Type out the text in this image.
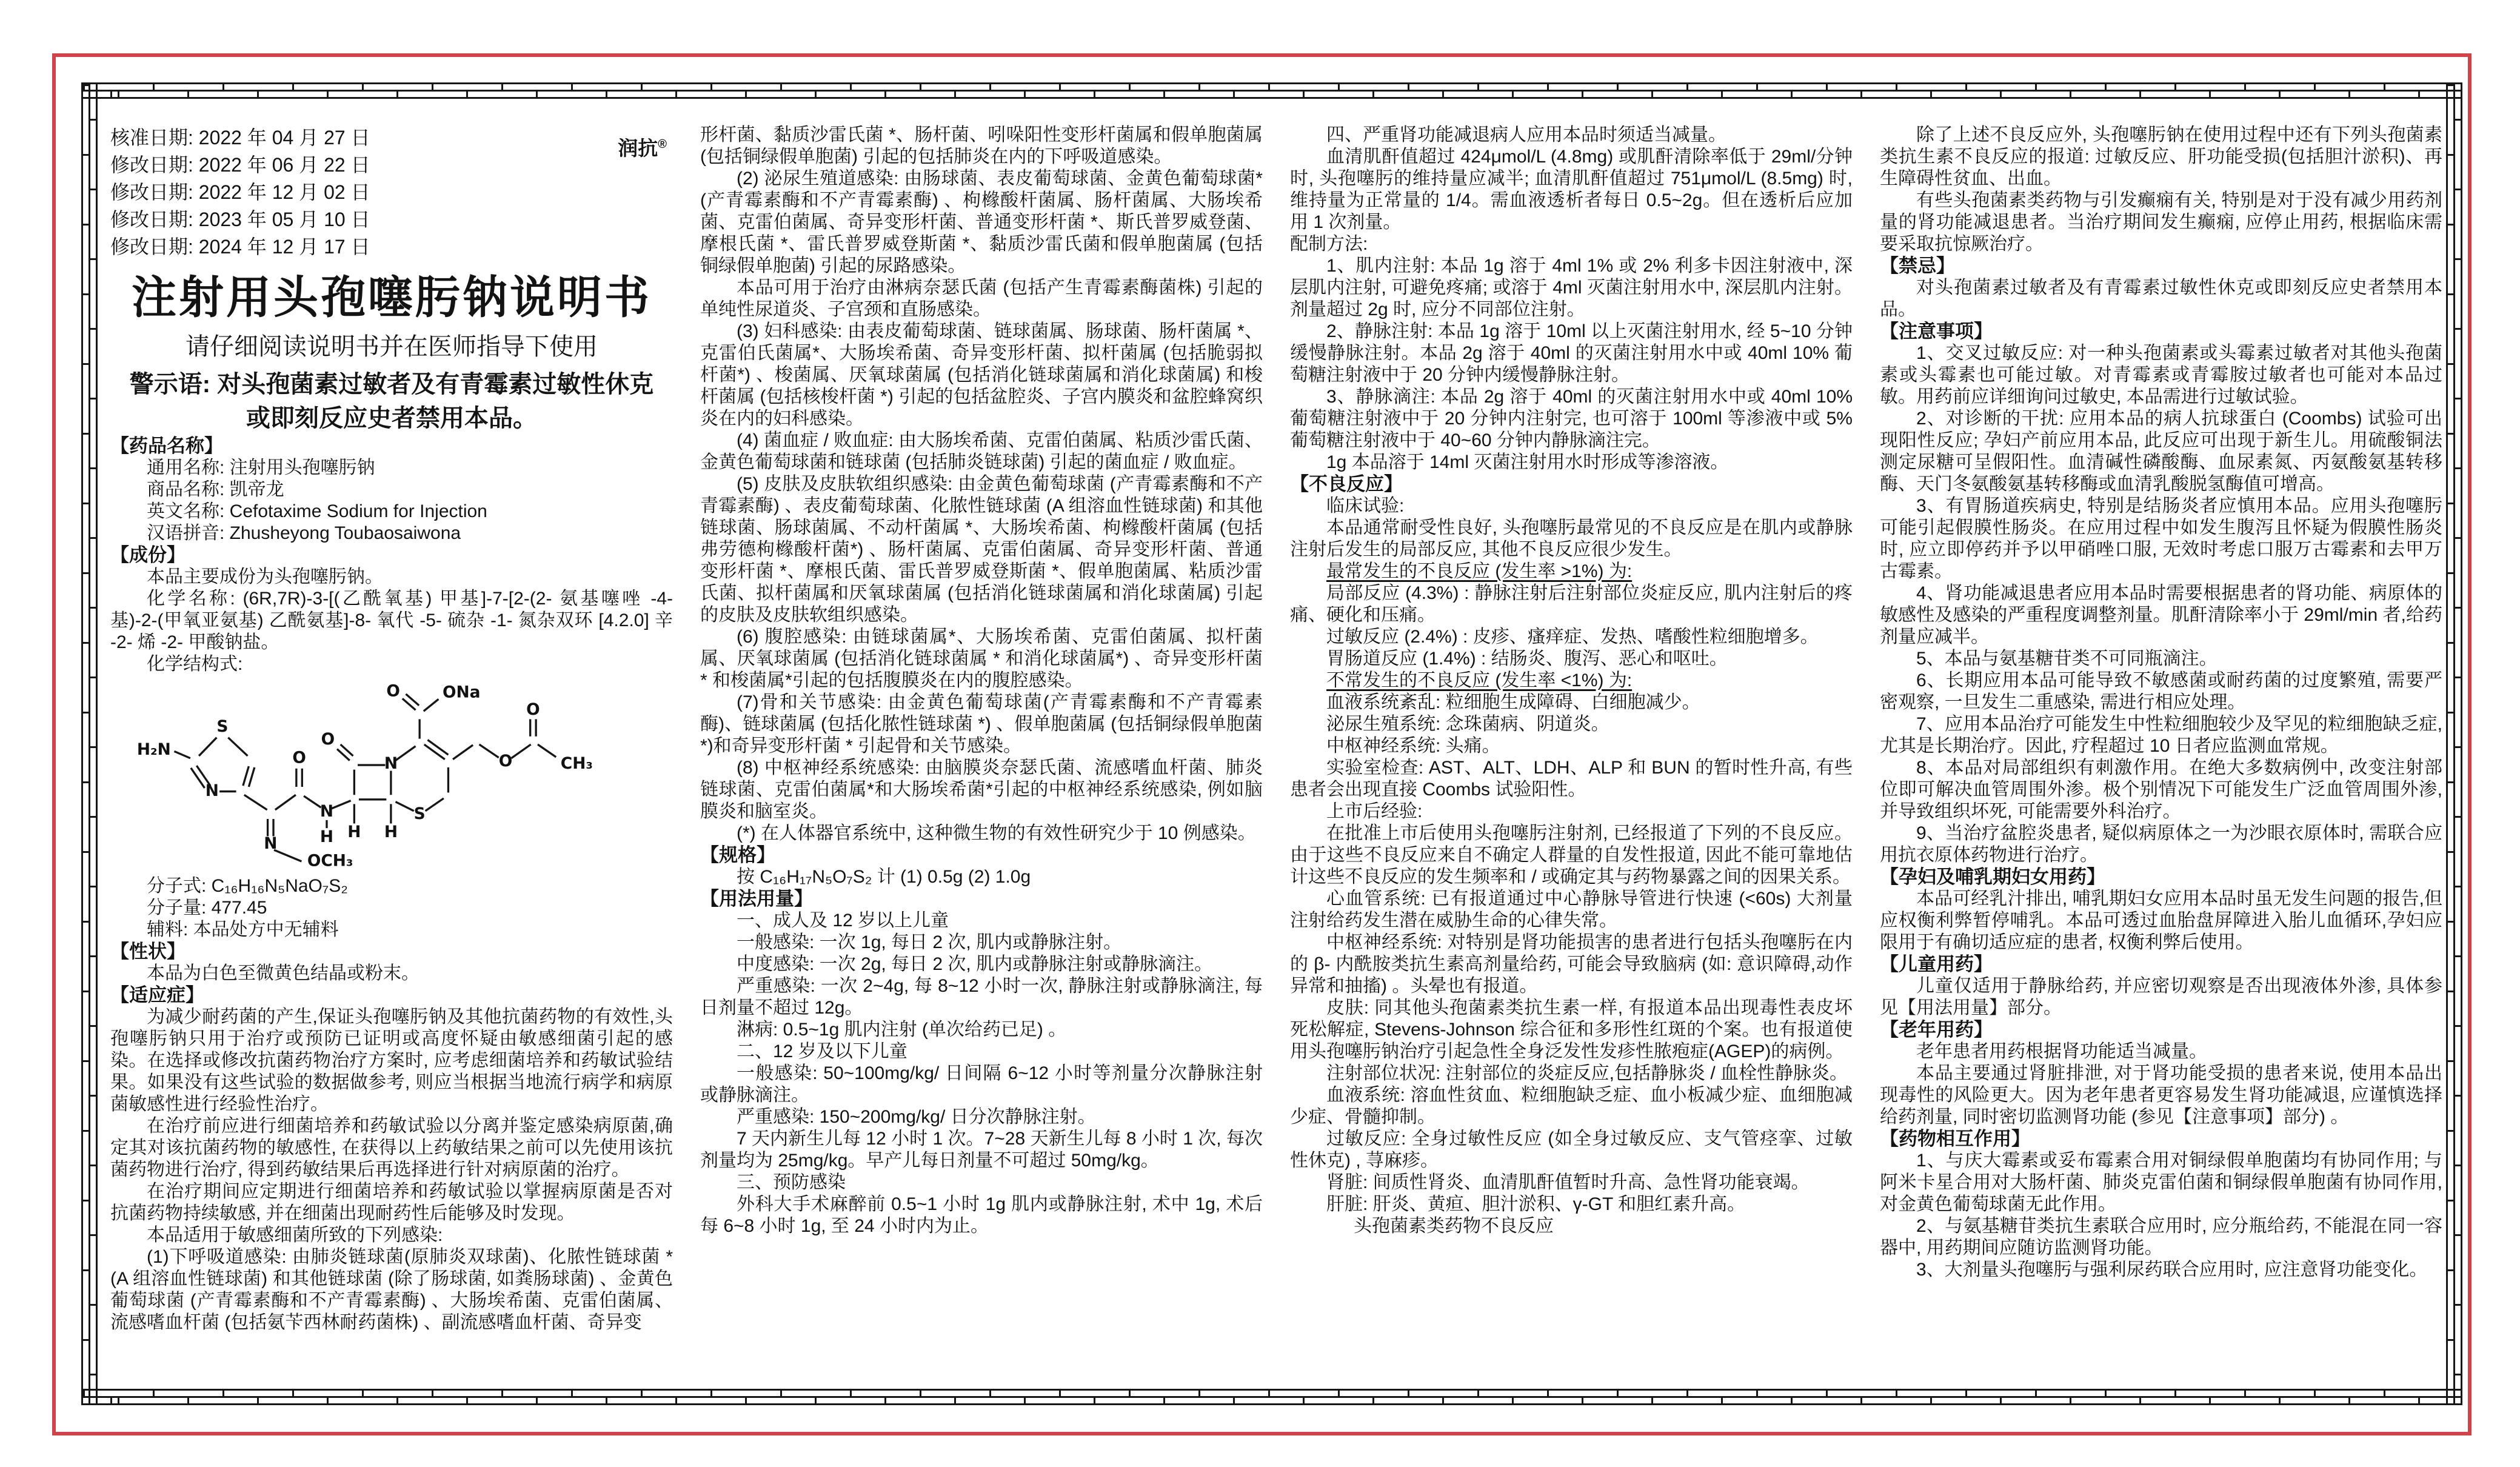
润抗®
核准日期: 2022 年 04 月 27 日
修改日期: 2022 年 06 月 22 日
修改日期: 2022 年 12 月 02 日
修改日期: 2023 年 05 月 10 日
修改日期: 2024 年 12 月 17 日
注射用头孢噻肟钠说明书
请仔细阅读说明书并在医师指导下使用
警示语: 对头孢菌素过敏者及有青霉素过敏性休克
或即刻反应史者禁用本品。

【药品名称】

通用名称: 注射用头孢噻肟钠

商品名称: 凯帝龙

英文名称: Cefotaxime Sodium for Injection

汉语拼音: Zhusheyong Toubaosaiwona

【成份】

本品主要成份为头孢噻肟钠。

化学名称: (6R,7R)-3-[(乙酰氧基) 甲基]-7-[2-(2- 氨基噻唑 -4- 基)-2-(甲氧亚氨基) 乙酰氨基]-8- 氧代 -5- 硫杂 -1- 氮杂双环 [4.2.0] 辛 -2- 烯 -2- 甲酸钠盐。

化学结构式:

H₂N
S
N
N
OCH₃
O
N
H
O
H H
N
S
O	ONa
O
O	CH₃

分子式: C₁₆H₁₆N₅NaO₇S₂

分子量: 477.45

辅料: 本品处方中无辅料

【性状】

本品为白色至微黄色结晶或粉末。

【适应症】

为减少耐药菌的产生,保证头孢噻肟钠及其他抗菌药物的有效性,头孢噻肟钠只用于治疗或预防已证明或高度怀疑由敏感细菌引起的感染。在选择或修改抗菌药物治疗方案时, 应考虑细菌培养和药敏试验结果。如果没有这些试验的数据做参考, 则应当根据当地流行病学和病原菌敏感性进行经验性治疗。

在治疗前应进行细菌培养和药敏试验以分离并鉴定感染病原菌,确定其对该抗菌药物的敏感性, 在获得以上药敏结果之前可以先使用该抗菌药物进行治疗, 得到药敏结果后再选择进行针对病原菌的治疗。

在治疗期间应定期进行细菌培养和药敏试验以掌握病原菌是否对抗菌药物持续敏感, 并在细菌出现耐药性后能够及时发现。

本品适用于敏感细菌所致的下列感染:

(1)下呼吸道感染: 由肺炎链球菌(原肺炎双球菌)、化脓性链球菌 *(A 组溶血性链球菌) 和其他链球菌 (除了肠球菌, 如粪肠球菌) 、金黄色葡萄球菌 (产青霉素酶和不产青霉素酶) 、大肠埃希菌、克雷伯菌属、流感嗜血杆菌 (包括氨苄西林耐药菌株) 、副流感嗜血杆菌、奇异变

形杆菌、黏质沙雷氏菌 *、肠杆菌、吲哚阳性变形杆菌属和假单胞菌属 (包括铜绿假单胞菌) 引起的包括肺炎在内的下呼吸道感染。

(2) 泌尿生殖道感染: 由肠球菌、表皮葡萄球菌、金黄色葡萄球菌*(产青霉素酶和不产青霉素酶) 、枸橼酸杆菌属、肠杆菌属、大肠埃希菌、克雷伯菌属、奇异变形杆菌、普通变形杆菌 *、斯氏普罗威登菌、摩根氏菌 *、雷氏普罗威登斯菌 *、黏质沙雷氏菌和假单胞菌属 (包括铜绿假单胞菌) 引起的尿路感染。

本品可用于治疗由淋病奈瑟氏菌 (包括产生青霉素酶菌株) 引起的单纯性尿道炎、子宫颈和直肠感染。

(3) 妇科感染: 由表皮葡萄球菌、链球菌属、肠球菌、肠杆菌属 *、克雷伯氏菌属*、大肠埃希菌、奇异变形杆菌、拟杆菌属 (包括脆弱拟杆菌*) 、梭菌属、厌氧球菌属 (包括消化链球菌属和消化球菌属) 和梭杆菌属 (包括核梭杆菌 *) 引起的包括盆腔炎、子宫内膜炎和盆腔蜂窝织炎在内的妇科感染。

(4) 菌血症 / 败血症: 由大肠埃希菌、克雷伯菌属、粘质沙雷氏菌、金黄色葡萄球菌和链球菌 (包括肺炎链球菌) 引起的菌血症 / 败血症。

(5) 皮肤及皮肤软组织感染: 由金黄色葡萄球菌 (产青霉素酶和不产青霉素酶) 、表皮葡萄球菌、化脓性链球菌 (A 组溶血性链球菌) 和其他链球菌、肠球菌属、不动杆菌属 *、大肠埃希菌、枸橼酸杆菌属 (包括弗劳德枸橼酸杆菌*) 、肠杆菌属、克雷伯菌属、奇异变形杆菌、普通变形杆菌 *、摩根氏菌、雷氏普罗威登斯菌 *、假单胞菌属、粘质沙雷氏菌、拟杆菌属和厌氧球菌属 (包括消化链球菌属和消化球菌属) 引起的皮肤及皮肤软组织感染。

(6) 腹腔感染: 由链球菌属*、大肠埃希菌、克雷伯菌属、拟杆菌属、厌氧球菌属 (包括消化链球菌属 * 和消化球菌属*) 、奇异变形杆菌 * 和梭菌属*引起的包括腹膜炎在内的腹腔感染。

(7)骨和关节感染: 由金黄色葡萄球菌(产青霉素酶和不产青霉素酶)、链球菌属 (包括化脓性链球菌 *) 、假单胞菌属 (包括铜绿假单胞菌 *)和奇异变形杆菌 * 引起骨和关节感染。

(8) 中枢神经系统感染: 由脑膜炎奈瑟氏菌、流感嗜血杆菌、肺炎链球菌、克雷伯菌属*和大肠埃希菌*引起的中枢神经系统感染, 例如脑膜炎和脑室炎。

(*) 在人体器官系统中, 这种微生物的有效性研究少于 10 例感染。

【规格】

按 C₁₆H₁₇N₅O₇S₂ 计 (1) 0.5g (2) 1.0g

【用法用量】

一、成人及 12 岁以上儿童

一般感染: 一次 1g, 每日 2 次, 肌内或静脉注射。

中度感染: 一次 2g, 每日 2 次, 肌内或静脉注射或静脉滴注。

严重感染: 一次 2~4g, 每 8~12 小时一次, 静脉注射或静脉滴注, 每日剂量不超过 12g。

淋病: 0.5~1g 肌内注射 (单次给药已足) 。

二、12 岁及以下儿童

一般感染: 50~100mg/kg/ 日间隔 6~12 小时等剂量分次静脉注射或静脉滴注。

严重感染: 150~200mg/kg/ 日分次静脉注射。

7 天内新生儿每 12 小时 1 次。7~28 天新生儿每 8 小时 1 次, 每次剂量均为 25mg/kg。早产儿每日剂量不可超过 50mg/kg。

三、预防感染

外科大手术麻醉前 0.5~1 小时 1g 肌内或静脉注射, 术中 1g, 术后每 6~8 小时 1g, 至 24 小时内为止。

四、严重肾功能减退病人应用本品时须适当减量。

血清肌酐值超过 424μmol/L (4.8mg) 或肌酐清除率低于 29ml/分钟时, 头孢噻肟的维持量应减半; 血清肌酐值超过 751μmol/L (8.5mg) 时, 维持量为正常量的 1/4。需血液透析者每日 0.5~2g。但在透析后应加用 1 次剂量。

配制方法:

1、肌内注射: 本品 1g 溶于 4ml 1% 或 2% 利多卡因注射液中, 深层肌内注射, 可避免疼痛; 或溶于 4ml 灭菌注射用水中, 深层肌内注射。剂量超过 2g 时, 应分不同部位注射。

2、静脉注射: 本品 1g 溶于 10ml 以上灭菌注射用水, 经 5~10 分钟缓慢静脉注射。本品 2g 溶于 40ml 的灭菌注射用水中或 40ml 10% 葡萄糖注射液中于 20 分钟内缓慢静脉注射。

3、静脉滴注: 本品 2g 溶于 40ml 的灭菌注射用水中或 40ml 10% 葡萄糖注射液中于 20 分钟内注射完, 也可溶于 100ml 等渗液中或 5% 葡萄糖注射液中于 40~60 分钟内静脉滴注完。

1g 本品溶于 14ml 灭菌注射用水时形成等渗溶液。

【不良反应】

临床试验:

本品通常耐受性良好, 头孢噻肟最常见的不良反应是在肌内或静脉注射后发生的局部反应, 其他不良反应很少发生。

最常发生的不良反应 (发生率 >1%) 为:

局部反应 (4.3%) : 静脉注射后注射部位炎症反应, 肌内注射后的疼痛、硬化和压痛。

过敏反应 (2.4%) : 皮疹、瘙痒症、发热、嗜酸性粒细胞增多。

胃肠道反应 (1.4%) : 结肠炎、腹泻、恶心和呕吐。

不常发生的不良反应 (发生率 <1%) 为:

血液系统紊乱: 粒细胞生成障碍、白细胞减少。

泌尿生殖系统: 念珠菌病、阴道炎。

中枢神经系统: 头痛。

实验室检查: AST、ALT、LDH、ALP 和 BUN 的暂时性升高, 有些患者会出现直接 Coombs 试验阳性。

上市后经验:

在批准上市后使用头孢噻肟注射剂, 已经报道了下列的不良反应。由于这些不良反应来自不确定人群量的自发性报道, 因此不能可靠地估计这些不良反应的发生频率和 / 或确定其与药物暴露之间的因果关系。

心血管系统: 已有报道通过中心静脉导管进行快速 (<60s) 大剂量注射给药发生潜在威胁生命的心律失常。

中枢神经系统: 对特别是肾功能损害的患者进行包括头孢噻肟在内的 β- 内酰胺类抗生素高剂量给药, 可能会导致脑病 (如: 意识障碍,动作异常和抽搐) 。头晕也有报道。

皮肤: 同其他头孢菌素类抗生素一样, 有报道本品出现毒性表皮坏死松解症, Stevens-Johnson 综合征和多形性红斑的个案。也有报道使用头孢噻肟钠治疗引起急性全身泛发性发疹性脓疱症(AGEP)的病例。

注射部位状况: 注射部位的炎症反应,包括静脉炎 / 血栓性静脉炎。

血液系统: 溶血性贫血、粒细胞缺乏症、血小板减少症、血细胞减少症、骨髓抑制。

过敏反应: 全身过敏性反应 (如全身过敏反应、支气管痉挛、过敏性休克) , 荨麻疹。

肾脏: 间质性肾炎、血清肌酐值暂时升高、急性肾功能衰竭。

肝脏: 肝炎、黄疸、胆汁淤积、γ-GT 和胆红素升高。

头孢菌素类药物不良反应

除了上述不良反应外, 头孢噻肟钠在使用过程中还有下列头孢菌素类抗生素不良反应的报道: 过敏反应、肝功能受损(包括胆汁淤积)、再生障碍性贫血、出血。

有些头孢菌素类药物与引发癫痫有关, 特别是对于没有减少用药剂量的肾功能减退患者。当治疗期间发生癫痫, 应停止用药, 根据临床需要采取抗惊厥治疗。

【禁忌】

对头孢菌素过敏者及有青霉素过敏性休克或即刻反应史者禁用本品。

【注意事项】

1、交叉过敏反应: 对一种头孢菌素或头霉素过敏者对其他头孢菌素或头霉素也可能过敏。对青霉素或青霉胺过敏者也可能对本品过敏。用药前应详细询问过敏史, 本品需进行过敏试验。

2、对诊断的干扰: 应用本品的病人抗球蛋白 (Coombs) 试验可出现阳性反应; 孕妇产前应用本品, 此反应可出现于新生儿。用硫酸铜法测定尿糖可呈假阳性。血清碱性磷酸酶、血尿素氮、丙氨酸氨基转移酶、天门冬氨酸氨基转移酶或血清乳酸脱氢酶值可增高。

3、有胃肠道疾病史, 特别是结肠炎者应慎用本品。应用头孢噻肟可能引起假膜性肠炎。在应用过程中如发生腹泻且怀疑为假膜性肠炎时, 应立即停药并予以甲硝唑口服, 无效时考虑口服万古霉素和去甲万古霉素。

4、肾功能减退患者应用本品时需要根据患者的肾功能、病原体的敏感性及感染的严重程度调整剂量。肌酐清除率小于 29ml/min 者,给药剂量应减半。

5、本品与氨基糖苷类不可同瓶滴注。

6、长期应用本品可能导致不敏感菌或耐药菌的过度繁殖, 需要严密观察, 一旦发生二重感染, 需进行相应处理。

7、应用本品治疗可能发生中性粒细胞较少及罕见的粒细胞缺乏症,尤其是长期治疗。因此, 疗程超过 10 日者应监测血常规。

8、本品对局部组织有刺激作用。在绝大多数病例中, 改变注射部位即可解决血管周围外渗。极个别情况下可能发生广泛血管周围外渗,并导致组织坏死, 可能需要外科治疗。

9、当治疗盆腔炎患者, 疑似病原体之一为沙眼衣原体时, 需联合应用抗衣原体药物进行治疗。

【孕妇及哺乳期妇女用药】

本品可经乳汁排出, 哺乳期妇女应用本品时虽无发生问题的报告,但应权衡利弊暂停哺乳。本品可透过血胎盘屏障进入胎儿血循环,孕妇应限用于有确切适应症的患者, 权衡利弊后使用。

【儿童用药】

儿童仅适用于静脉给药, 并应密切观察是否出现液体外渗, 具体参见【用法用量】部分。

【老年用药】

老年患者用药根据肾功能适当减量。

本品主要通过肾脏排泄, 对于肾功能受损的患者来说, 使用本品出现毒性的风险更大。因为老年患者更容易发生肾功能减退, 应谨慎选择给药剂量, 同时密切监测肾功能 (参见【注意事项】部分) 。

【药物相互作用】

1、与庆大霉素或妥布霉素合用对铜绿假单胞菌均有协同作用; 与阿米卡星合用对大肠杆菌、肺炎克雷伯菌和铜绿假单胞菌有协同作用,对金黄色葡萄球菌无此作用。

2、与氨基糖苷类抗生素联合应用时, 应分瓶给药, 不能混在同一容器中, 用药期间应随访监测肾功能。

3、大剂量头孢噻肟与强利尿药联合应用时, 应注意肾功能变化。
